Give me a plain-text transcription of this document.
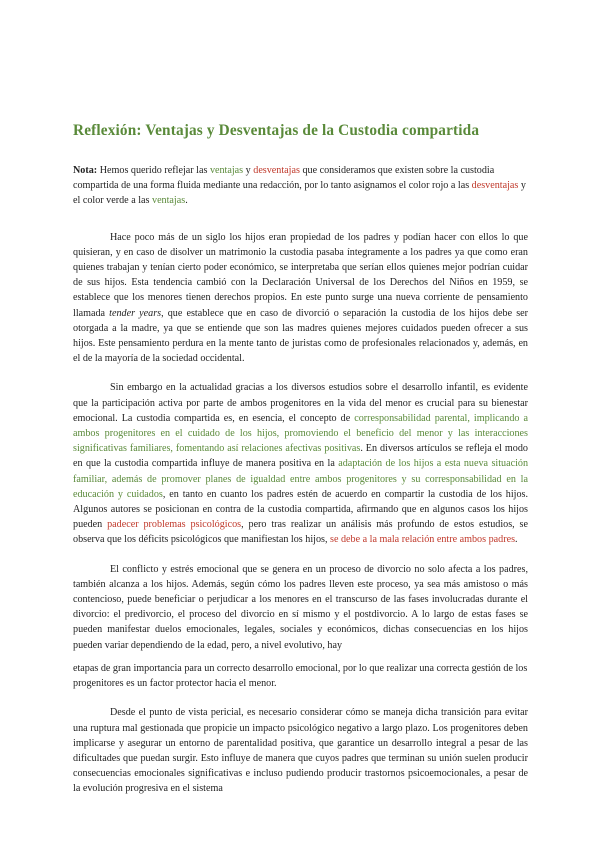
Reflexión: Ventajas y Desventajas de la Custodia compartida

Nota: Hemos querido reflejar las ventajas y desventajas que consideramos que existen sobre la custodia compartida de una forma fluida mediante una redacción, por lo tanto asignamos el color rojo a las desventajas y el color verde a las ventajas.

Hace poco más de un siglo los hijos eran propiedad de los padres y podían hacer con ellos lo que quisieran, y en caso de disolver un matrimonio la custodia pasaba íntegramente a los padres ya que como eran quienes trabajan y tenían cierto poder económico, se interpretaba que serían ellos quienes mejor podrían cuidar de sus hijos. Esta tendencia cambió con la Declaración Universal de los Derechos del Niños en 1959, se establece que los menores tienen derechos propios. En este punto surge una nueva corriente de pensamiento llamada tender years, que establece que en caso de divorció o separación la custodia de los hijos debe ser otorgada a la madre, ya que se entiende que son las madres quienes mejores cuidados pueden ofrecer a sus hijos. Este pensamiento perdura en la mente tanto de juristas como de profesionales relacionados y, además, en el de la mayoría de la sociedad occidental.

Sin embargo en la actualidad gracias a los diversos estudios sobre el desarrollo infantil, es evidente que la participación activa por parte de ambos progenitores en la vida del menor es crucial para su bienestar emocional. La custodia compartida es, en esencia, el concepto de corresponsabilidad parental, implicando a ambos progenitores en el cuidado de los hijos, promoviendo el beneficio del menor y las interacciones significativas familiares, fomentando así relaciones afectivas positivas. En diversos artículos se refleja el modo en que la custodia compartida influye de manera positiva en la adaptación de los hijos a esta nueva situación familiar, además de promover planes de igualdad entre ambos progenitores y su corresponsabilidad en la educación y cuidados, en tanto en cuanto los padres estén de acuerdo en compartir la custodia de los hijos. Algunos autores se posicionan en contra de la custodia compartida, afirmando que en algunos casos los hijos pueden padecer problemas psicológicos, pero tras realizar un análisis más profundo de estos estudios, se observa que los déficits psicológicos que manifiestan los hijos, se debe a la mala relación entre ambos padres.

El conflicto y estrés emocional que se genera en un proceso de divorcio no solo afecta a los padres, también alcanza a los hijos. Además, según cómo los padres lleven este proceso, ya sea más amistoso o más contencioso, puede beneficiar o perjudicar a los menores en el transcurso de las fases involucradas durante el divorcio: el predivorcio, el proceso del divorcio en sí mismo y el postdivorcio. A lo largo de estas fases se pueden manifestar duelos emocionales, legales, sociales y económicos, dichas consecuencias en los hijos pueden variar dependiendo de la edad, pero, a nivel evolutivo, hay

etapas de gran importancia para un correcto desarrollo emocional, por lo que realizar una correcta gestión de los progenitores es un factor protector hacia el menor.

Desde el punto de vista pericial, es necesario considerar cómo se maneja dicha transición para evitar una ruptura mal gestionada que propicie un impacto psicológico negativo a largo plazo. Los progenitores deben implicarse y asegurar un entorno de parentalidad positiva, que garantice un desarrollo integral a pesar de las dificultades que puedan surgir. Esto influye de manera que cuyos padres que terminan su unión suelen producir consecuencias emocionales significativas e incluso pudiendo producir trastornos psicoemocionales, a pesar de la evolución progresiva en el sistema
